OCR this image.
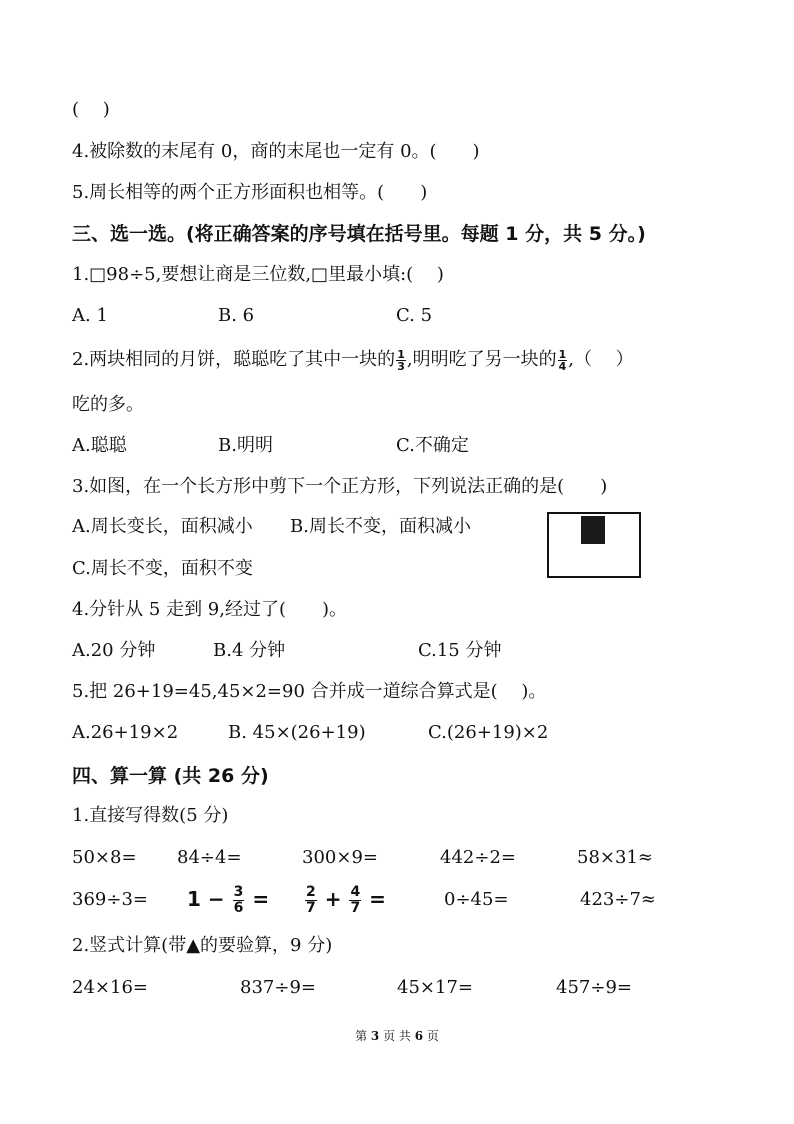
(　 )
4.被除数的末尾有 0，商的末尾也一定有 0。(　　)
5.周长相等的两个正方形面积也相等。(　　)
三、选一选。(将正确答案的序号填在括号里。每题 1 分，共 5 分。)
1.□98÷5,要想让商是三位数,□里最小填:(　 )
A. 1	B. 6	C. 5
2.两块相同的月饼，聪聪吃了其中一块的 $\frac{1}{3}$ ,明明吃了另一块的 $\frac{1}{4}$ ,（　 ）
吃的多。
A.聪聪	B.明明	C.不确定
3.如图，在一个长方形中剪下一个正方形，下列说法正确的是(　　)
A.周长变长，面积减小 B.周长不变，面积减小
C.周长不变，面积不变
4.分针从 5 走到 9,经过了(　　)。
A.20 分钟	B.4 分钟	C.15 分钟
5.把 26+19=45,45×2=90 合并成一道综合算式是(　 )。
A.26+19×2	B. 45×(26+19)	C.(26+19)×2
四、算一算 (共 26 分)
1.直接写得数(5 分)
50×8= 84÷4=	300×9=	442÷2=	58×31≈
$369\div 3= 1 - \frac{3}{6}$ =	$\frac{2}{7} + \frac{4}{7}$ =	0÷45=	423÷7≈
2.竖式计算(带▲的要验算，9 分)
24×16=	837÷9=	45×17=	457÷9=
第 3 页 共 6 页
